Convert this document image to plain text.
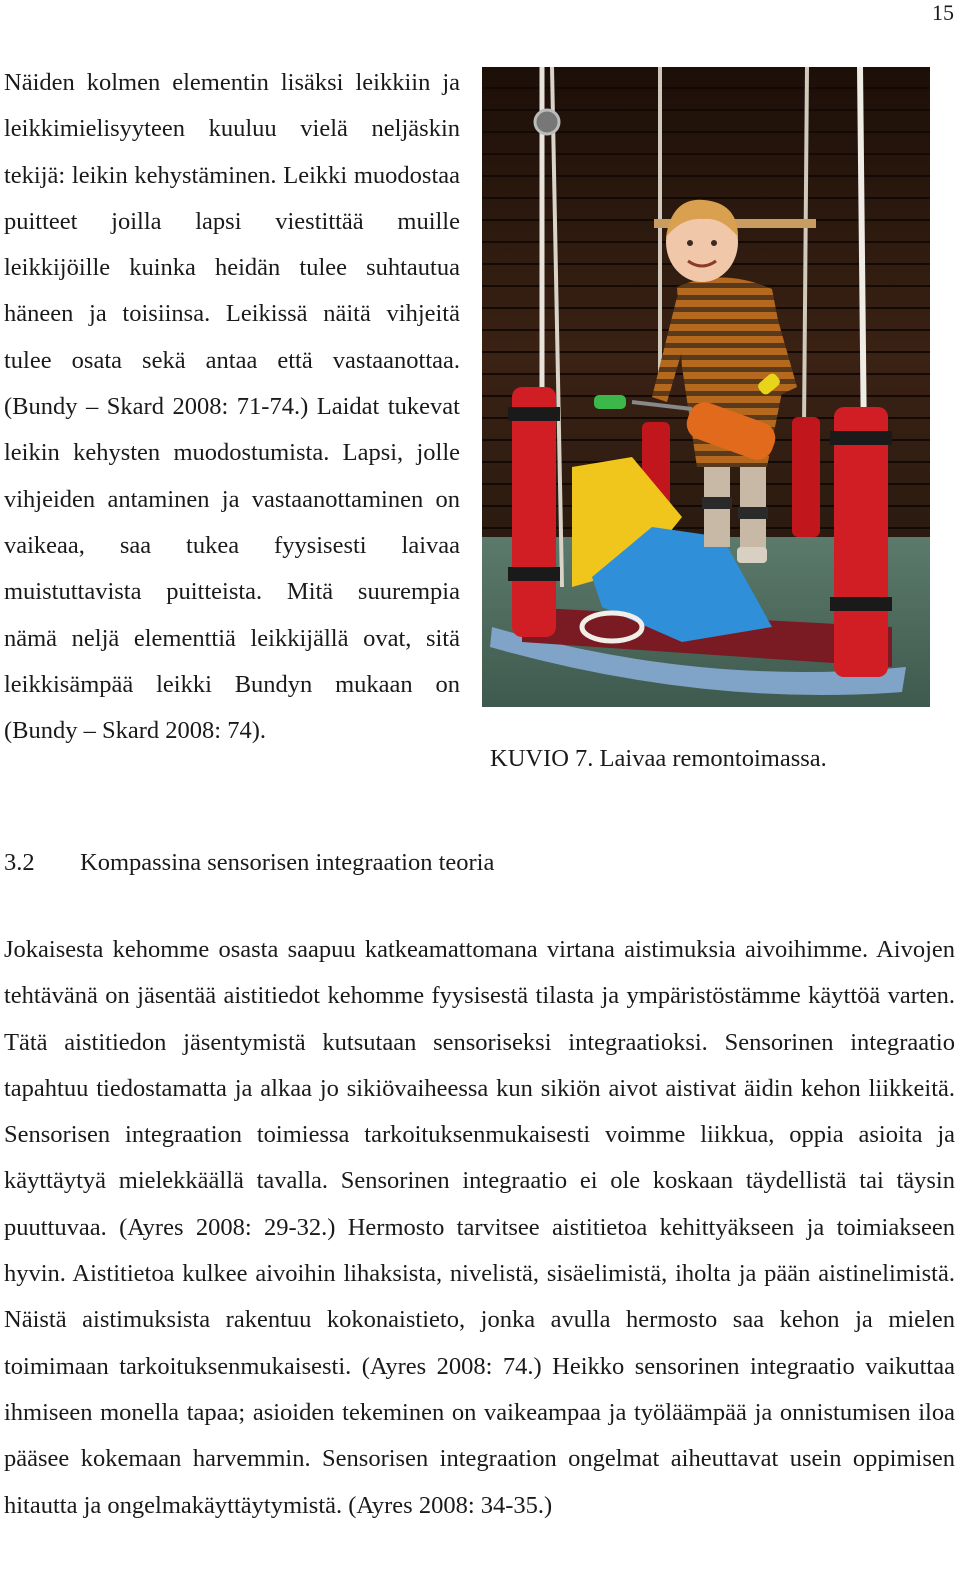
15

Näiden kolmen elementin lisäksi leikkiin ja leikkimielisyyteen kuuluu vielä neljäskin tekijä: leikin kehystäminen. Leikki muodostaa puitteet joilla lapsi viestittää muille leikkijöille kuinka heidän tulee suhtautua häneen ja toisiinsa. Leikissä näitä vihjeitä tulee osata sekä antaa että vastaanottaa. (Bundy – Skard 2008: 71-74.) Laidat tukevat leikin kehysten muodostumista. Lapsi, jolle vihjeiden antaminen ja vastaanottaminen on vaikeaa, saa tukea fyysisesti laivaa muistuttavista puitteista. Mitä suurempia nämä neljä elementtiä leikkijällä ovat, sitä leikkisämpää leikki Bundyn mukaan on (Bundy – Skard 2008: 74).

KUVIO 7. Laivaa remontoimassa.
3.2 Kompassina sensorisen integraation teoria

Jokaisesta kehomme osasta saapuu katkeamattomana virtana aistimuksia aivoihimme. Aivojen tehtävänä on jäsentää aistitiedot kehomme fyysisestä tilasta ja ympäristöstämme käyttöä varten. Tätä aistitiedon jäsentymistä kutsutaan sensoriseksi integraatioksi. Sensorinen integraatio tapahtuu tiedostamatta ja alkaa jo sikiövaiheessa kun sikiön aivot aistivat äidin kehon liikkeitä. Sensorisen integraation toimiessa tarkoituksenmukaisesti voimme liikkua, oppia asioita ja käyttäytyä mielekkäällä tavalla. Sensorinen integraatio ei ole koskaan täydellistä tai täysin puuttuvaa. (Ayres 2008: 29-32.) Hermosto tarvitsee aistitietoa kehittyäkseen ja toimiakseen hyvin. Aistitietoa kulkee aivoihin lihaksista, nivelistä, sisäelimistä, iholta ja pään aistinelimistä. Näistä aistimuksista rakentuu kokonaistieto, jonka avulla hermosto saa kehon ja mielen toimimaan tarkoituksenmukaisesti. (Ayres 2008: 74.) Heikko sensorinen integraatio vaikuttaa ihmiseen monella tapaa; asioiden tekeminen on vaikeampaa ja työläämpää ja onnistumisen iloa pääsee kokemaan harvemmin. Sensorisen integraation ongelmat aiheuttavat usein oppimisen hitautta ja ongelmakäyttäytymistä. (Ayres 2008: 34-35.)
